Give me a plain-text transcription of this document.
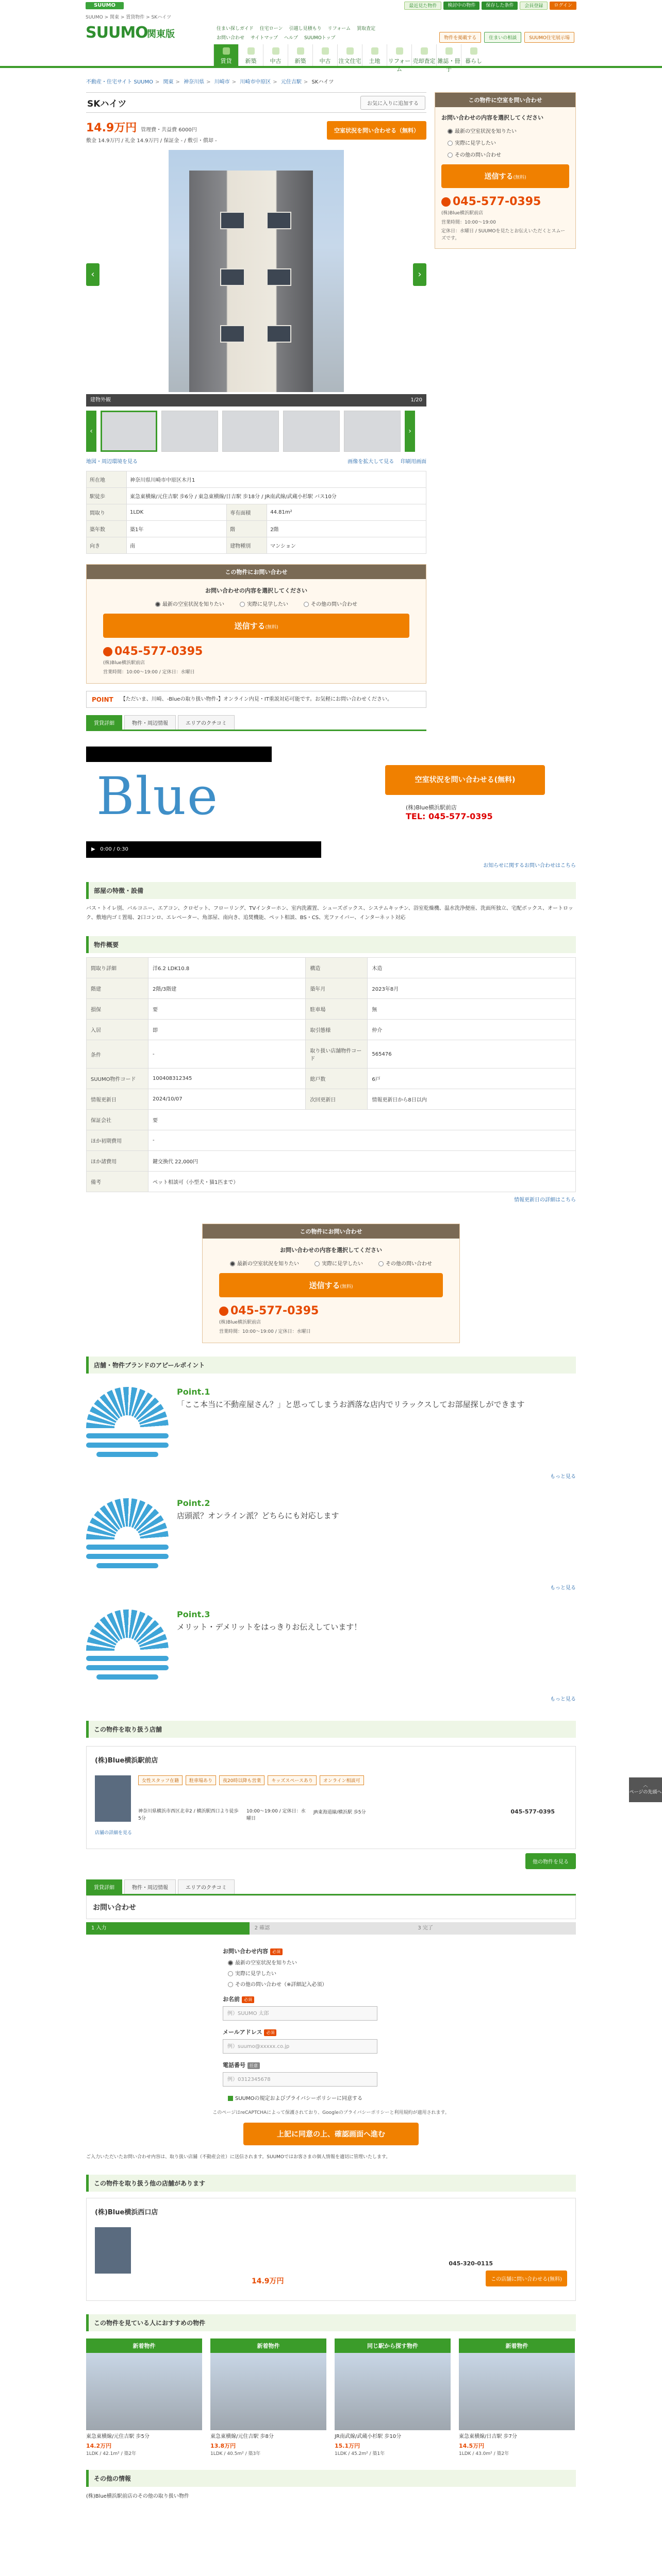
SUUMO	最近見た物件	検討中の物件	保存した条件	会員登録	ログイン
SUUMO > 関東 > 賃貸物件 > SKハイツ
SUUMO
関東版	住まい探しガイド 住宅ローン 引越し見積もり リフォーム 買取査定
お問い合わせ サイトマップ ヘルプ SUUMOトップ	物件を掲載する	住まいの相談	SUUMO住宅展示場
賃貸	新築	中古	新築	中古	注文住宅	土地	リフォーム
売却査定 雑誌・冊子
暮らし
不動産・住宅サイト SUUMO > 関東 > 神奈川県 > 川崎市 > 川崎市中原区 > 元住吉駅 > SKハイツ
SKハイツ	お気に入りに追加する
14.9万円 管理費・共益費 6000円
敷金 14.9万円 / 礼金 14.9万円 / 保証金 - / 敷引・償却 -
空室状況を問い合わせる（無料）
‹	›
建物外観	1/20
‹	›
地図・周辺環境を見る	画像を拡大して見る 印刷用画面
所在地	神奈川県川崎市中原区木月1		
駅徒歩	東急東横線/元住吉駅 歩6分 / 東急東横線/日吉駅 歩18分 / JR南武線/武蔵小杉駅 バス10分		
間取り	1LDK	専有面積	44.81m²
築年数	築1年	階	2階
向き	南	建物種別	マンション
この物件にお問い合わせ
お問い合わせの内容を選択してください
最新の空室状況を知りたい	実際に見学したい	その他の問い合わせ
送信する(無料)
045-577-0395
(株)Blue横浜駅前店
営業時間：10:00～19:00 / 定休日：水曜日
POINT 【ただいま、川崎、-Blueの取り扱い物件-】オンライン内見・IT重説対応可能です。お気軽にお問い合わせください。
賃貸詳細	物件・周辺情報	エリアのクチコミ
この物件に空室を問い合わせ
お問い合わせの内容を選択してください
最新の空室状況を知りたい
実際に見学したい
その他の問い合わせ
送信する(無料)
045-577-0395
(株)Blue横浜駅前店
営業時間：10:00～19:00
定休日：水曜日 / SUUMOを見たとお伝えいただくとスムーズです。
Blue	空室状況を問い合わせる(無料)
(株)Blue横浜駅前店
TEL: 045-577-0395
▶ 0:00 / 0:30
お知らせに関するお問い合わせはこちら
部屋の特徴・設備
バス・トイレ別、バルコニー、エアコン、クロゼット、フローリング、TVインターホン、室内洗濯置、シューズボックス、システムキッチン、浴室乾燥機、温水洗浄便座、洗面所独立、宅配ボックス、オートロック、敷地内ゴミ置場、2口コンロ、エレベーター、角部屋、南向き、追焚機能、ペット相談、BS・CS、光ファイバー、インターネット対応
物件概要
間取り詳細	洋6.2 LDK10.8	構造	木造
階建	2階/3階建	築年月	2023年8月
損保	要	駐車場	無
入居	即	取引態様	仲介
条件	-	取り扱い店舗物件コード	565476
SUUMO物件コード	100408312345	総戸数	6戸
情報更新日	2024/10/07	次回更新日	情報更新日から8日以内
保証会社	要		
ほか初期費用	-		
ほか諸費用	鍵交換代 22,000円		
備考	ペット相談可（小型犬・猫1匹まで）		
情報更新日の詳細はこちら
この物件にお問い合わせ
お問い合わせの内容を選択してください
最新の空室状況を知りたい	実際に見学したい	その他の問い合わせ
送信する(無料)
045-577-0395
(株)Blue横浜駅前店
営業時間：10:00～19:00 / 定休日：水曜日
店舗・物件ブランドのアピールポイント
Point.1
「ここ本当に不動産屋さん？」と思ってしまうお洒落な店内でリラックスしてお部屋探しができます
もっと見る
Point.2
店頭派？オンライン派？どちらにも対応します
もっと見る
Point.3
メリット・デメリットをはっきりお伝えしています！
もっと見る
この物件を取り扱う店舗
(株)Blue横浜駅前店
女性スタッフ在籍	駐車場あり	夜20時以降も営業	キッズスペースあり	オンライン相談可
神奈川県横浜市西区北幸2 / 横浜駅西口より徒歩5分
10:00～19:00 / 定休日：水曜日
JR東海道線/横浜駅 歩5分	045-577-0395
店舗の詳細を見る
他の物件を見る
賃貸詳細	物件・周辺情報	エリアのクチコミ
お問い合わせ
1 入力	2 確認	3 完了
お問い合わせ内容 必須
最新の空室状況を知りたい
実際に見学したい
その他の問い合わせ（※詳細記入必須）
お名前 必須
例）SUUMO 太郎
メールアドレス 必須
例）suumo@xxxxx.co.jp
電話番号 任意
例）0312345678
SUUMOの規定およびプライバシーポリシーに同意する
このページはreCAPTCHAによって保護されており、Googleのプライバシーポリシーと利用規約が適用されます。
上記に同意の上、確認画面へ進む
ご入力いただいたお問い合わせ内容は、取り扱い店舗（不動産会社）に送信されます。SUUMOではお客さまの個人情報を適切に管理いたします。
この物件を取り扱う他の店舗があります
(株)Blue横浜西口店
14.9万円
045-320-0115
この店舗に問い合わせる(無料)
この物件を見ている人におすすめの物件
新着物件
東急東横線/元住吉駅 歩5分
14.2万円
1LDK / 42.1m² / 築2年
新着物件
東急東横線/元住吉駅 歩8分
13.8万円
1LDK / 40.5m² / 築3年
同じ駅から探す物件
JR南武線/武蔵小杉駅 歩10分
15.1万円
1LDK / 45.2m² / 築1年
新着物件
東急東横線/日吉駅 歩7分
14.5万円
1LDK / 43.0m² / 築2年
その他の情報
(株)Blue横浜駅前店のその他の取り扱い物件
︿
ページの先頭へ
